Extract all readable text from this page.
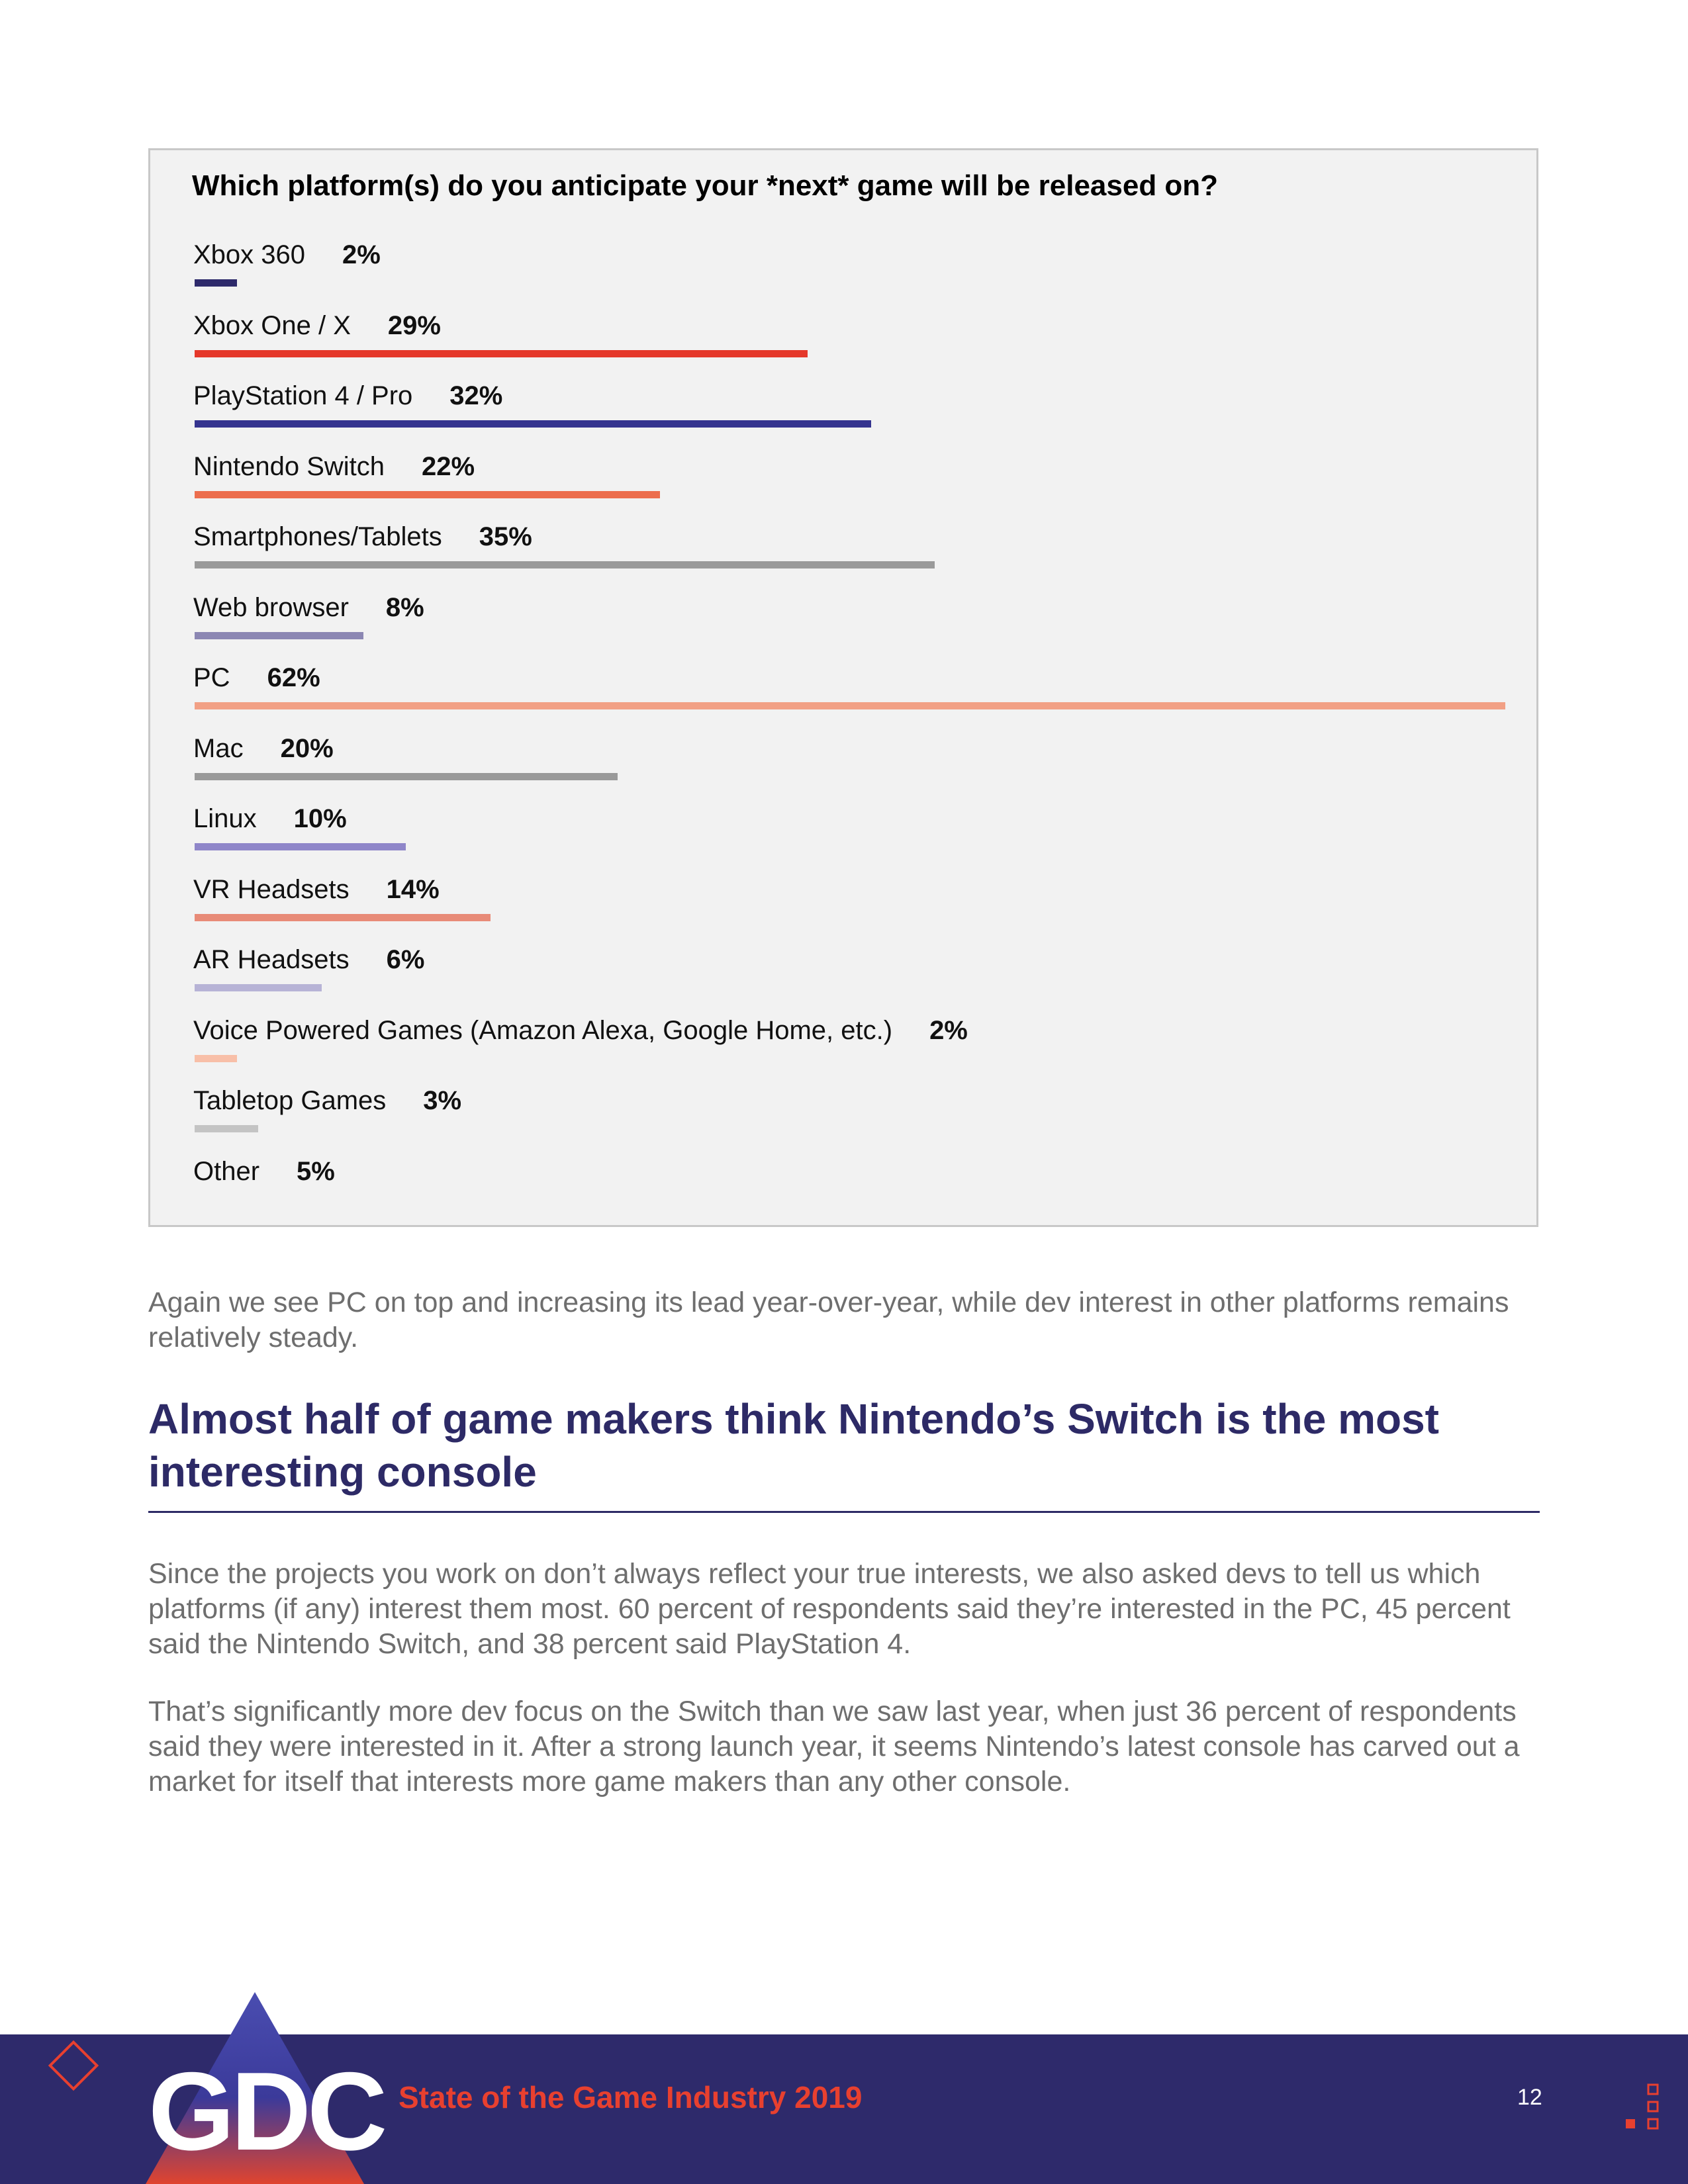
Which platform(s) do you anticipate your *next* game will be released on?
Xbox 360 2%
Xbox One / X 29%
PlayStation 4 / Pro 32%
Nintendo Switch 22%
Smartphones/Tablets 35%
Web browser 8%
PC 62%
Mac 20%
Linux 10%
VR Headsets 14%
AR Headsets 6%
Voice Powered Games (Amazon Alexa, Google Home, etc.) 2%
Tabletop Games 3%
Other 5%

Again we see PC on top and increasing its lead year-over-year, while dev interest in other platforms remains relatively steady.

Almost half of game makers think Nintendo’s Switch is the most interesting console

Since the projects you work on don’t always reflect your true interests, we also asked devs to tell us which platforms (if any) interest them most. 60 percent of respondents said they’re interested in the PC, 45 percent said the Nintendo Switch, and 38 percent said PlayStation 4.

That’s significantly more dev focus on the Switch than we saw last year, when just 36 percent of respondents said they were interested in it. After a strong launch year, it seems Nintendo’s latest console has carved out a market for itself that interests more game makers than any other console.

GDC State of the Game Industry 2019	12
